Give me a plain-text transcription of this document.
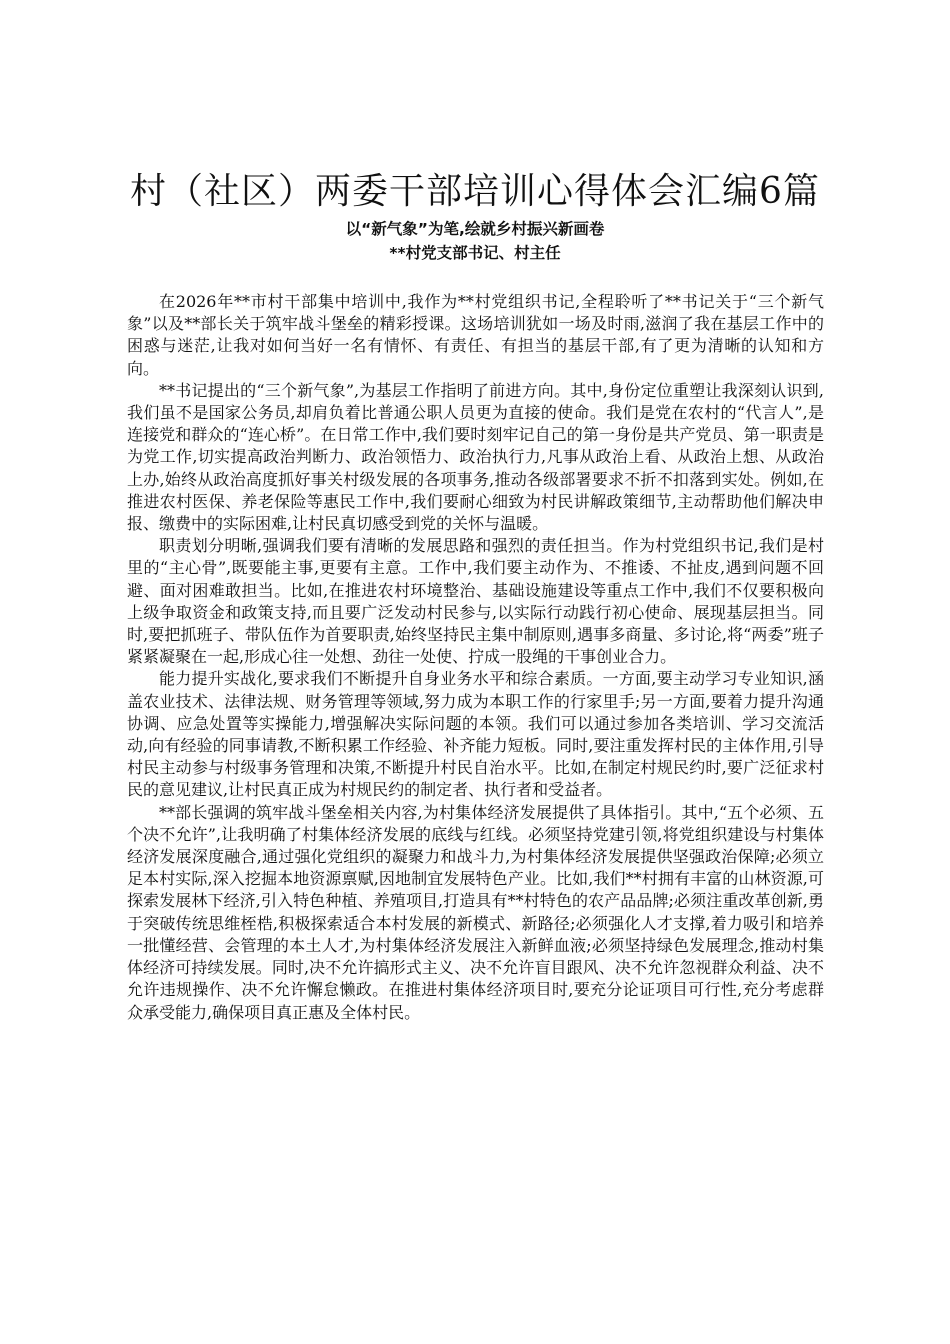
村（社区）两委干部培训心得体会汇编6篇
以“新气象”为笔,绘就乡村振兴新画卷
**村党支部书记、村主任

在2026年**市村干部集中培训中,我作为**村党组织书记,全程聆听了**书记关于“三个新气象”以及**部长关于筑牢战斗堡垒的精彩授课。这场培训犹如一场及时雨,滋润了我在基层工作中的困惑与迷茫,让我对如何当好一名有情怀、有责任、有担当的基层干部,有了更为清晰的认知和方向。

**书记提出的“三个新气象”,为基层工作指明了前进方向。其中,身份定位重塑让我深刻认识到,我们虽不是国家公务员,却肩负着比普通公职人员更为直接的使命。我们是党在农村的“代言人”,是连接党和群众的“连心桥”。在日常工作中,我们要时刻牢记自己的第一身份是共产党员、第一职责是为党工作,切实提高政治判断力、政治领悟力、政治执行力,凡事从政治上看、从政治上想、从政治上办,始终从政治高度抓好事关村级发展的各项事务,推动各级部署要求不折不扣落到实处。例如,在推进农村医保、养老保险等惠民工作中,我们要耐心细致为村民讲解政策细节,主动帮助他们解决申报、缴费中的实际困难,让村民真切感受到党的关怀与温暖。

职责划分明晰,强调我们要有清晰的发展思路和强烈的责任担当。作为村党组织书记,我们是村里的“主心骨”,既要能主事,更要有主意。工作中,我们要主动作为、不推诿、不扯皮,遇到问题不回避、面对困难敢担当。比如,在推进农村环境整治、基础设施建设等重点工作中,我们不仅要积极向上级争取资金和政策支持,而且要广泛发动村民参与,以实际行动践行初心使命、展现基层担当。同时,要把抓班子、带队伍作为首要职责,始终坚持民主集中制原则,遇事多商量、多讨论,将“两委”班子紧紧凝聚在一起,形成心往一处想、劲往一处使、拧成一股绳的干事创业合力。

能力提升实战化,要求我们不断提升自身业务水平和综合素质。一方面,要主动学习专业知识,涵盖农业技术、法律法规、财务管理等领域,努力成为本职工作的行家里手;另一方面,要着力提升沟通协调、应急处置等实操能力,增强解决实际问题的本领。我们可以通过参加各类培训、学习交流活动,向有经验的同事请教,不断积累工作经验、补齐能力短板。同时,要注重发挥村民的主体作用,引导村民主动参与村级事务管理和决策,不断提升村民自治水平。比如,在制定村规民约时,要广泛征求村民的意见建议,让村民真正成为村规民约的制定者、执行者和受益者。

**部长强调的筑牢战斗堡垒相关内容,为村集体经济发展提供了具体指引。其中,“五个必须、五个决不允许”,让我明确了村集体经济发展的底线与红线。必须坚持党建引领,将党组织建设与村集体经济发展深度融合,通过强化党组织的凝聚力和战斗力,为村集体经济发展提供坚强政治保障;必须立足本村实际,深入挖掘本地资源禀赋,因地制宜发展特色产业。比如,我们**村拥有丰富的山林资源,可探索发展林下经济,引入特色种植、养殖项目,打造具有**村特色的农产品品牌;必须注重改革创新,勇于突破传统思维桎梏,积极探索适合本村发展的新模式、新路径;必须强化人才支撑,着力吸引和培养一批懂经营、会管理的本土人才,为村集体经济发展注入新鲜血液;必须坚持绿色发展理念,推动村集体经济可持续发展。同时,决不允许搞形式主义、决不允许盲目跟风、决不允许忽视群众利益、决不允许违规操作、决不允许懈怠懒政。在推进村集体经济项目时,要充分论证项目可行性,充分考虑群众承受能力,确保项目真正惠及全体村民。
